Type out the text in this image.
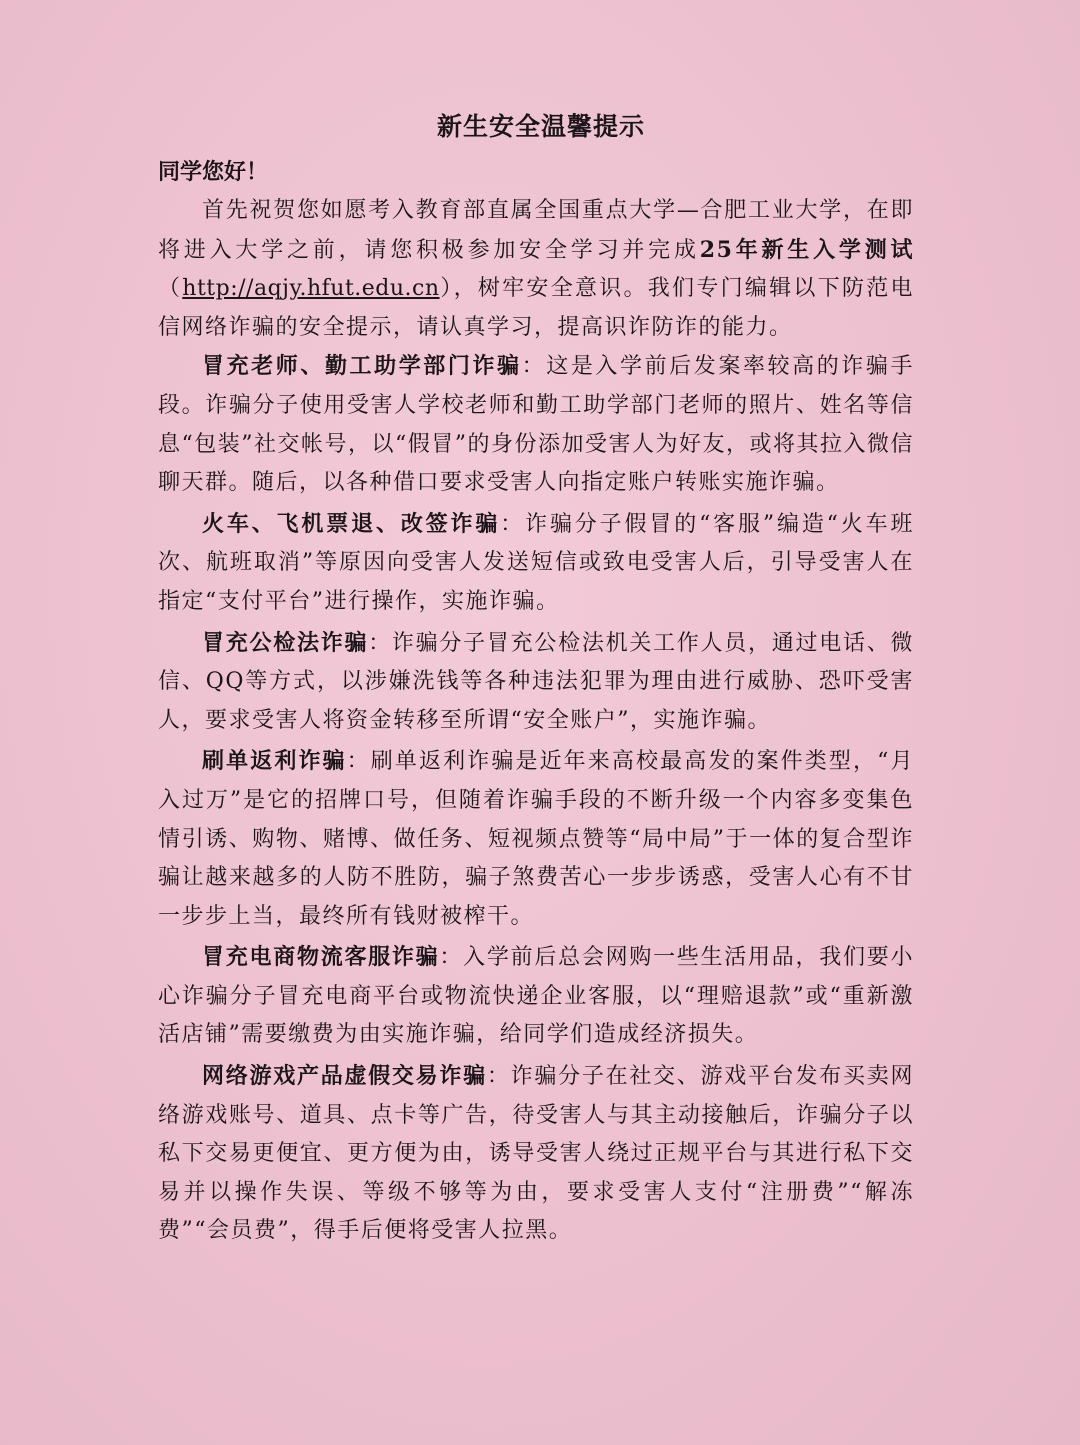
新生安全温馨提示

同学您好！

首先祝贺您如愿考入教育部直属全国重点大学—合肥工业大学，在即将进入大学之前，请您积极参加安全学习并完成25年新生入学测试（http://aqjy.hfut.edu.cn），树牢安全意识。我们专门编辑以下防范电信网络诈骗的安全提示，请认真学习，提高识诈防诈的能力。

冒充老师、勤工助学部门诈骗：这是入学前后发案率较高的诈骗手段。诈骗分子使用受害人学校老师和勤工助学部门老师的照片、姓名等信息“包装”社交帐号，以“假冒”的身份添加受害人为好友，或将其拉入微信聊天群。随后，以各种借口要求受害人向指定账户转账实施诈骗。

火车、飞机票退、改签诈骗：诈骗分子假冒的“客服”编造“火车班次、航班取消”等原因向受害人发送短信或致电受害人后，引导受害人在指定“支付平台”进行操作，实施诈骗。

冒充公检法诈骗：诈骗分子冒充公检法机关工作人员，通过电话、微信、QQ等方式，以涉嫌洗钱等各种违法犯罪为理由进行威胁、恐吓受害人，要求受害人将资金转移至所谓“安全账户”，实施诈骗。

刷单返利诈骗：刷单返利诈骗是近年来高校最高发的案件类型，“月入过万”是它的招牌口号，但随着诈骗手段的不断升级一个内容多变集色情引诱、购物、赌博、做任务、短视频点赞等“局中局”于一体的复合型诈骗让越来越多的人防不胜防，骗子煞费苦心一步步诱惑，受害人心有不甘一步步上当，最终所有钱财被榨干。

冒充电商物流客服诈骗：入学前后总会网购一些生活用品，我们要小心诈骗分子冒充电商平台或物流快递企业客服，以“理赔退款”或“重新激活店铺”需要缴费为由实施诈骗，给同学们造成经济损失。

网络游戏产品虚假交易诈骗：诈骗分子在社交、游戏平台发布买卖网络游戏账号、道具、点卡等广告，待受害人与其主动接触后，诈骗分子以私下交易更便宜、更方便为由，诱导受害人绕过正规平台与其进行私下交易并以操作失误、等级不够等为由，要求受害人支付“注册费”“解冻费”“会员费”，得手后便将受害人拉黑。
